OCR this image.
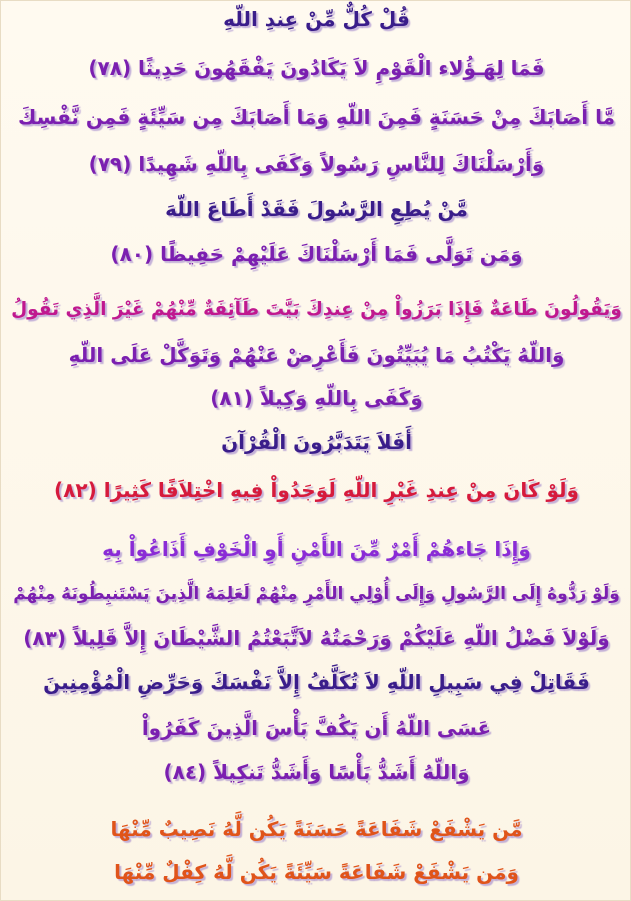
قُلْ كُلٌّ مِّنْ عِندِ اللّهِ
فَمَا لِهَـؤُلاء الْقَوْمِ لاَ يَكَادُونَ يَفْقَهُونَ حَدِيثًا (٧٨)
مَّا أَصَابَكَ مِنْ حَسَنَةٍ فَمِنَ اللّهِ وَمَا أَصَابَكَ مِن سَيِّئَةٍ فَمِن نَّفْسِكَ
وَأَرْسَلْنَاكَ لِلنَّاسِ رَسُولاً وَكَفَى بِاللّهِ شَهِيدًا (٧٩)
مَّنْ يُطِعِ الرَّسُولَ فَقَدْ أَطَاعَ اللّهَ
وَمَن تَوَلَّى فَمَا أَرْسَلْنَاكَ عَلَيْهِمْ حَفِيظًا (٨٠)
وَيَقُولُونَ طَاعَةٌ فَإِذَا بَرَزُواْ مِنْ عِندِكَ بَيَّتَ طَآئِفَةٌ مِّنْهُمْ غَيْرَ الَّذِي تَقُولُ
وَاللّهُ يَكْتُبُ مَا يُبَيِّتُونَ فَأَعْرِضْ عَنْهُمْ وَتَوَكَّلْ عَلَى اللّهِ
وَكَفَى بِاللّهِ وَكِيلاً (٨١)
أَفَلاَ يَتَدَبَّرُونَ الْقُرْآنَ
وَلَوْ كَانَ مِنْ عِندِ غَيْرِ اللّهِ لَوَجَدُواْ فِيهِ اخْتِلاَفًا كَثِيرًا (٨٢)
وَإِذَا جَاءهُمْ أَمْرٌ مِّنَ الأَمْنِ أَوِ الْخَوْفِ أَذَاعُواْ بِهِ
وَلَوْ رَدُّوهُ إِلَى الرَّسُولِ وَإِلَى أُوْلِي الأَمْرِ مِنْهُمْ لَعَلِمَهُ الَّذِينَ يَسْتَنبِطُونَهُ مِنْهُمْ
وَلَوْلاَ فَضْلُ اللّهِ عَلَيْكُمْ وَرَحْمَتُهُ لاَتَّبَعْتُمُ الشَّيْطَانَ إِلاَّ قَلِيلاً (٨٣)
فَقَاتِلْ فِي سَبِيلِ اللّهِ لاَ تُكَلَّفُ إِلاَّ نَفْسَكَ وَحَرِّضِ الْمُؤْمِنِينَ
عَسَى اللّهُ أَن يَكُفَّ بَأْسَ الَّذِينَ كَفَرُواْ
وَاللّهُ أَشَدُّ بَأْسًا وَأَشَدُّ تَنكِيلاً (٨٤)
مَّن يَشْفَعْ شَفَاعَةً حَسَنَةً يَكُن لَّهُ نَصِيبٌ مِّنْهَا
وَمَن يَشْفَعْ شَفَاعَةً سَيِّئَةً يَكُن لَّهُ كِفْلٌ مِّنْهَا
